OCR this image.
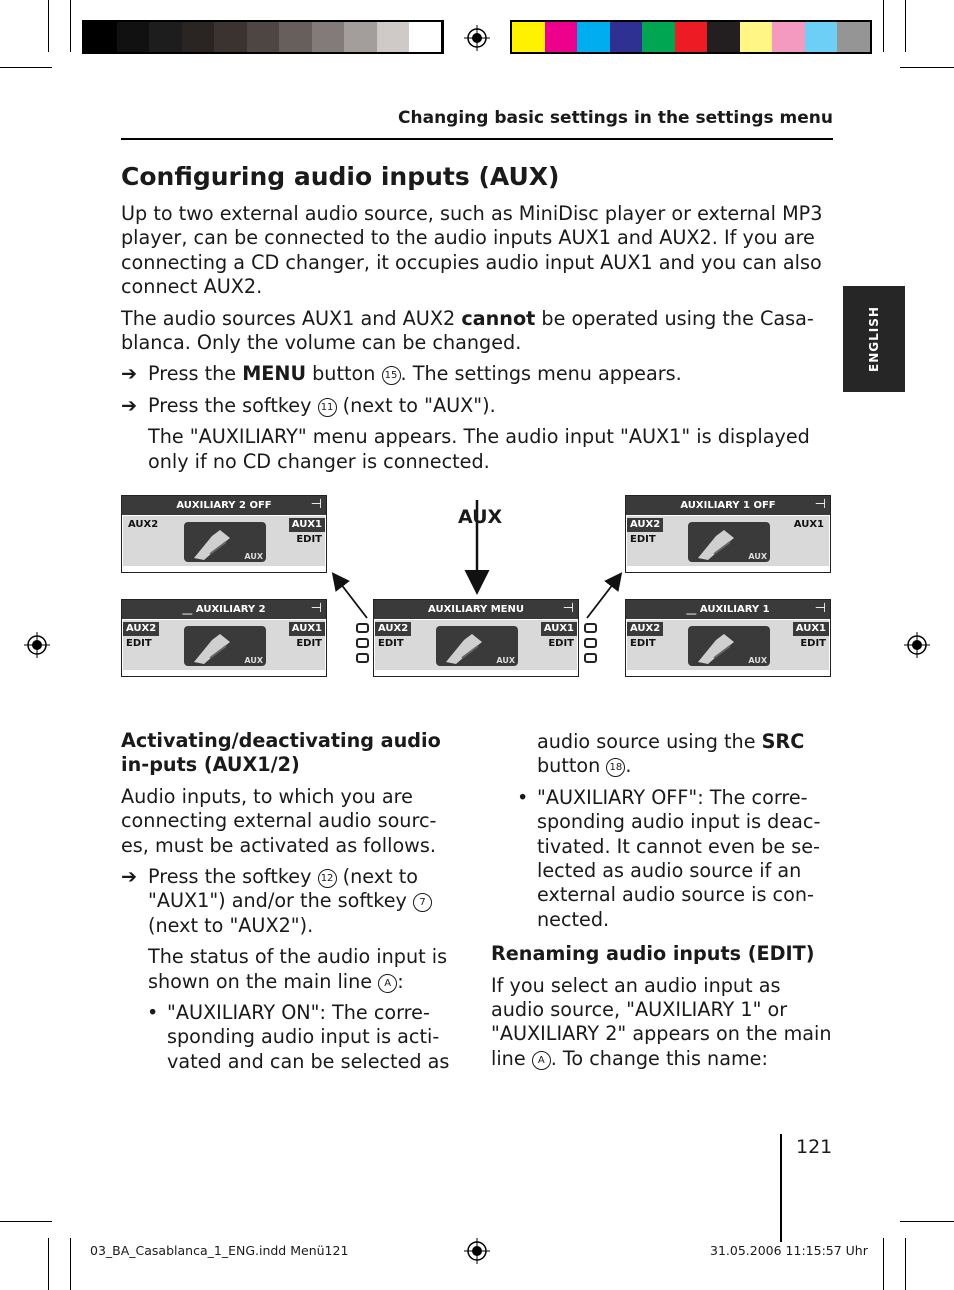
Changing basic settings in the settings menu
Configuring audio inputs (AUX)
ENGLISH

Up to two external audio source, such as MiniDisc player or external MP3 player, can be connected to the audio inputs AUX1 and AUX2. If you are connecting a CD changer, it occupies audio input AUX1 and you can also connect AUX2.

The audio sources AUX1 and AUX2 cannot be operated using the Casa-blanca. Only the volume can be changed.

➔ Press the MENU button 15 . The settings menu appears.

➔ Press the softkey 11 (next to "AUX").

The "AUXILIARY" menu appears. The audio input "AUX1" is displayed only if no CD changer is connected.

AUX
AUXILIARY 2 OFF	⊣
AUX2	AUX1
EDIT
AUX
AUXILIARY 1 OFF	⊣
AUX2
EDIT
AUX1
AUX
__ AUXILIARY 2	⊣
AUX2
EDIT
AUX1
EDIT
AUX
AUXILIARY MENU	⊣
AUX2
EDIT
AUX1
EDIT
AUX
__ AUXILIARY 1	⊣
AUX2
EDIT
AUX1
EDIT
AUX
Activating/deactivating audio in-puts (AUX1/2)

Audio inputs, to which you are connecting external audio sourc-es, must be activated as follows.

➔ Press the softkey 12 (next to "AUX1") and/or the softkey 7 (next to "AUX2").

The status of the audio input is shown on the main line A :

• "AUXILIARY ON": The corre-sponding audio input is acti-vated and can be selected as

audio source using the SRC button 18 .

• "AUXILIARY OFF": The corre-sponding audio input is deac-tivated. It cannot even be se-lected as audio source if an external audio source is con-nected.

Renaming audio inputs (EDIT)

If you select an audio input as audio source, "AUXILIARY 1" or "AUXILIARY 2" appears on the main line A . To change this name:

121
03_BA_Casablanca_1_ENG.indd Menü121	31.05.2006 11:15:57 Uhr
